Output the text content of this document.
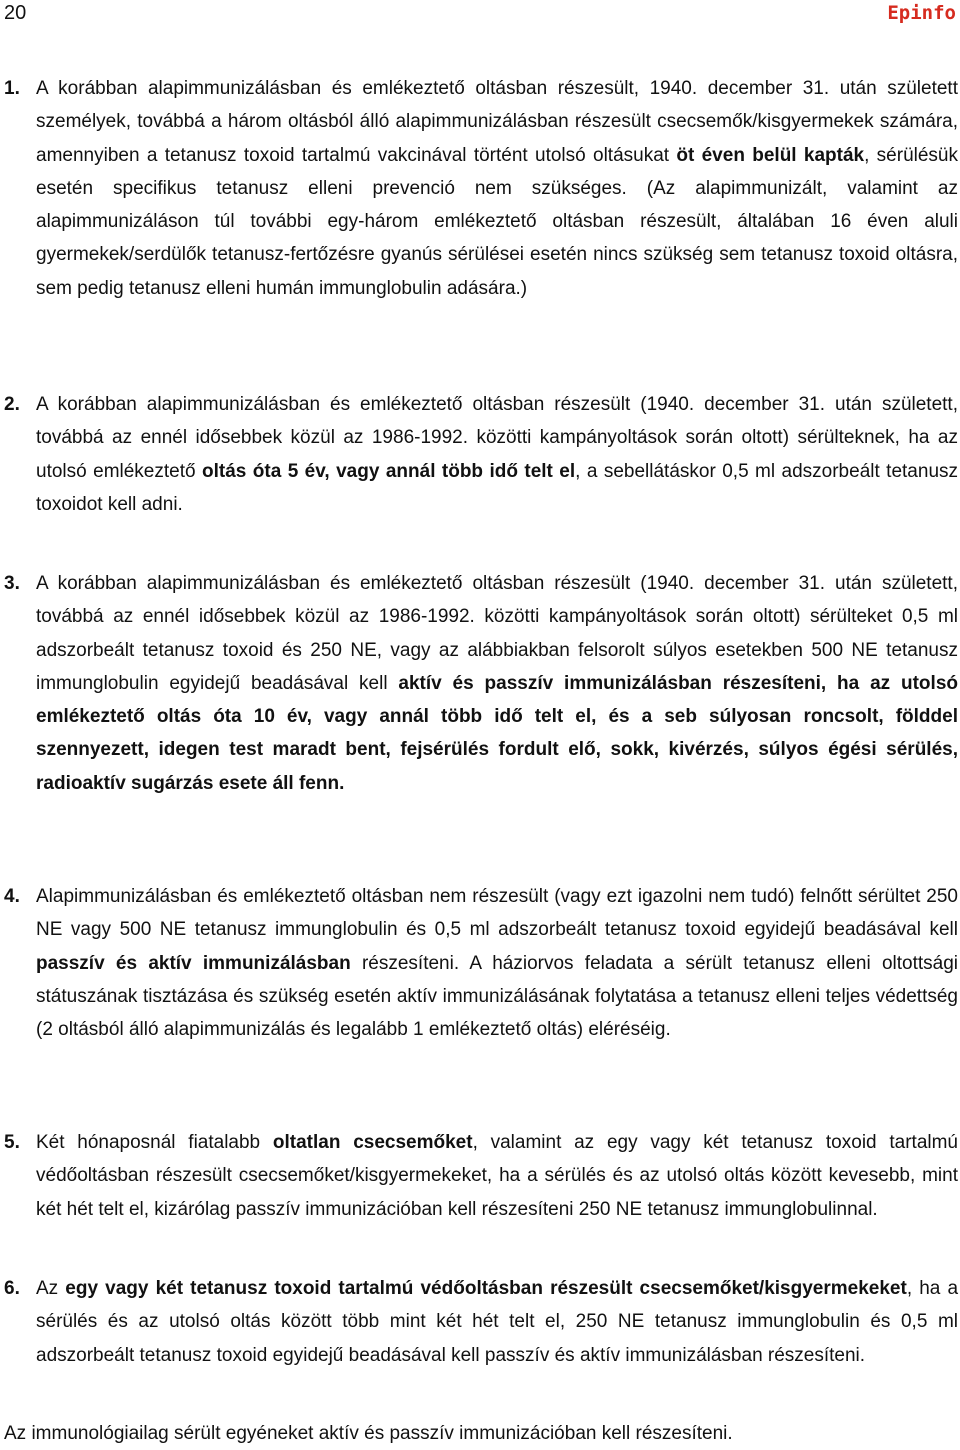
20	Epinfo
1. A korábban alapimmunizálásban és emlékeztető oltásban részesült, 1940. december 31. után született személyek, továbbá a három oltásból álló alapimmunizálásban részesült csecsemők/kisgyermekek számára, amennyiben a tetanusz toxoid tartalmú vakcinával történt utolsó oltásukat öt éven belül kapták, sérülésük esetén specifikus tetanusz elleni prevenció nem szükséges. (Az alapimmunizált, valamint az alapimmunizáláson túl további egy-három emlékeztető oltásban részesült, általában 16 éven aluli gyermekek/serdülők tetanusz-fertőzésre gyanús sérülései esetén nincs szükség sem tetanusz toxoid oltásra, sem pedig tetanusz elleni humán immunglobulin adására.)
2. A korábban alapimmunizálásban és emlékeztető oltásban részesült (1940. december 31. után született, továbbá az ennél idősebbek közül az 1986-1992. közötti kampányoltások során oltott) sérülteknek, ha az utolsó emlékeztető oltás óta 5 év, vagy annál több idő telt el, a sebellátáskor 0,5 ml adszorbeált tetanusz toxoidot kell adni.
3. A korábban alapimmunizálásban és emlékeztető oltásban részesült (1940. december 31. után született, továbbá az ennél idősebbek közül az 1986-1992. közötti kampányoltások során oltott) sérülteket 0,5 ml adszorbeált tetanusz toxoid és 250 NE, vagy az alábbiakban felsorolt súlyos esetekben 500 NE tetanusz immunglobulin egyidejű beadásával kell aktív és passzív immunizálásban részesíteni, ha az utolsó emlékeztető oltás óta 10 év, vagy annál több idő telt el, és a seb súlyosan roncsolt, földdel szennyezett, idegen test maradt bent, fejsérülés fordult elő, sokk, kivérzés, súlyos égési sérülés, radioaktív sugárzás esete áll fenn.
4. Alapimmunizálásban és emlékeztető oltásban nem részesült (vagy ezt igazolni nem tudó) felnőtt sérültet 250 NE vagy 500 NE tetanusz immunglobulin és 0,5 ml adszorbeált tetanusz toxoid egyidejű beadásával kell passzív és aktív immunizálásban részesíteni. A háziorvos feladata a sérült tetanusz elleni oltottsági státuszának tisztázása és szükség esetén aktív immunizálásának folytatása a tetanusz elleni teljes védettség (2 oltásból álló alapimmunizálás és legalább 1 emlékeztető oltás) eléréséig.
5. Két hónaposnál fiatalabb oltatlan csecsemőket, valamint az egy vagy két tetanusz toxoid tartalmú védőoltásban részesült csecsemőket/kisgyermekeket, ha a sérülés és az utolsó oltás között kevesebb, mint két hét telt el, kizárólag passzív immunizációban kell részesíteni 250 NE tetanusz immunglobulinnal.
6. Az egy vagy két tetanusz toxoid tartalmú védőoltásban részesült csecsemőket/kisgyermekeket, ha a sérülés és az utolsó oltás között több mint két hét telt el, 250 NE tetanusz immunglobulin és 0,5 ml adszorbeált tetanusz toxoid egyidejű beadásával kell passzív és aktív immunizálásban részesíteni.
Az immunológiailag sérült egyéneket aktív és passzív immunizációban kell részesíteni.
